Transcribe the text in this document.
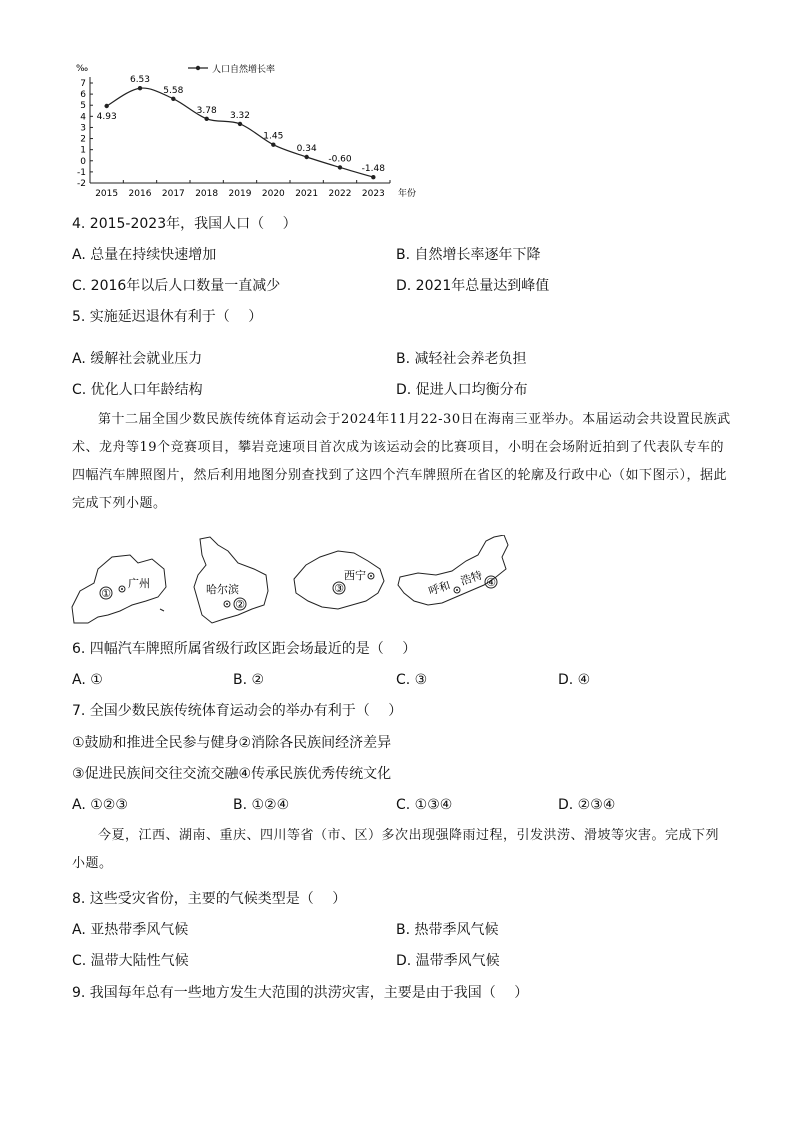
‰
7
6
5
4
3
2
1
0
-1
-2
2015 2016 2017 2018 2019 2020 2021 2022 2023 年份
4.93
6.53
5.58
3.78
3.32
1.45
0.34
-0.60
-1.48
人口自然增长率
4. 2015-2023年，我国人口（　 ）
A. 总量在持续快速增加	B. 自然增长率逐年下降
C. 2016年以后人口数量一直减少	D. 2021年总量达到峰值
5. 实施延迟退休有利于（　 ）
A. 缓解社会就业压力	B. 减轻社会养老负担
C. 优化人口年龄结构	D. 促进人口均衡分布
第十二届全国少数民族传统体育运动会于2024年11月22-30日在海南三亚举办。本届运动会共设置民族武术、龙舟等19个竞赛项目，攀岩竞速项目首次成为该运动会的比赛项目，小明在会场附近拍到了代表队专车的四幅汽车牌照图片，然后利用地图分别查找到了这四个汽车牌照所在省区的轮廓及行政中心（如下图示），据此完成下列小题。
①
广州	哈尔滨
②
西宁
③	呼和
浩特 ④
6. 四幅汽车牌照所属省级行政区距会场最近的是（　 ）
A. ①	B. ②	C. ③	D. ④
7. 全国少数民族传统体育运动会的举办有利于（　 ）
①鼓励和推进全民参与健身②消除各民族间经济差异
③促进民族间交往交流交融④传承民族优秀传统文化
A. ①②③	B. ①②④	C. ①③④	D. ②③④
今夏，江西、湖南、重庆、四川等省（市、区）多次出现强降雨过程，引发洪涝、滑坡等灾害。完成下列小题。
8. 这些受灾省份，主要的气候类型是（　 ）
A. 亚热带季风气候	B. 热带季风气候
C. 温带大陆性气候	D. 温带季风气候
9. 我国每年总有一些地方发生大范围的洪涝灾害，主要是由于我国（　 ）
